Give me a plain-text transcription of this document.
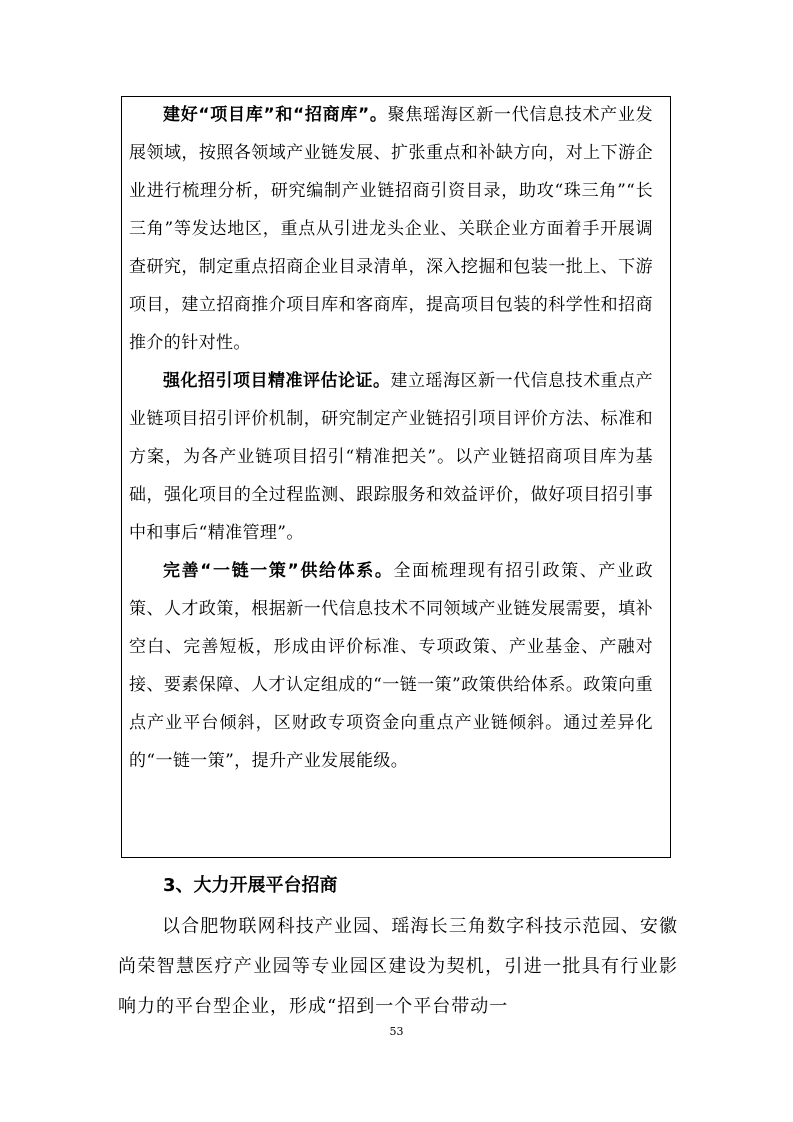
建好“项目库”和“招商库”。聚焦瑶海区新一代信息技术产业发展领域，按照各领域产业链发展、扩张重点和补缺方向，对上下游企业进行梳理分析，研究编制产业链招商引资目录，助攻“珠三角”“长三角”等发达地区，重点从引进龙头企业、关联企业方面着手开展调查研究，制定重点招商企业目录清单，深入挖掘和包装一批上、下游项目，建立招商推介项目库和客商库，提高项目包装的科学性和招商推介的针对性。

强化招引项目精准评估论证。建立瑶海区新一代信息技术重点产业链项目招引评价机制，研究制定产业链招引项目评价方法、标准和方案，为各产业链项目招引“精准把关”。以产业链招商项目库为基础，强化项目的全过程监测、跟踪服务和效益评价，做好项目招引事中和事后“精准管理”。

完善“一链一策”供给体系。全面梳理现有招引政策、产业政策、人才政策，根据新一代信息技术不同领域产业链发展需要，填补空白、完善短板，形成由评价标准、专项政策、产业基金、产融对接、要素保障、人才认定组成的“一链一策”政策供给体系。政策向重点产业平台倾斜，区财政专项资金向重点产业链倾斜。通过差异化的“一链一策”，提升产业发展能级。

3、大力开展平台招商

以合肥物联网科技产业园、瑶海长三角数字科技示范园、安徽尚荣智慧医疗产业园等专业园区建设为契机，引进一批具有行业影响力的平台型企业，形成“招到一个平台带动一

53
